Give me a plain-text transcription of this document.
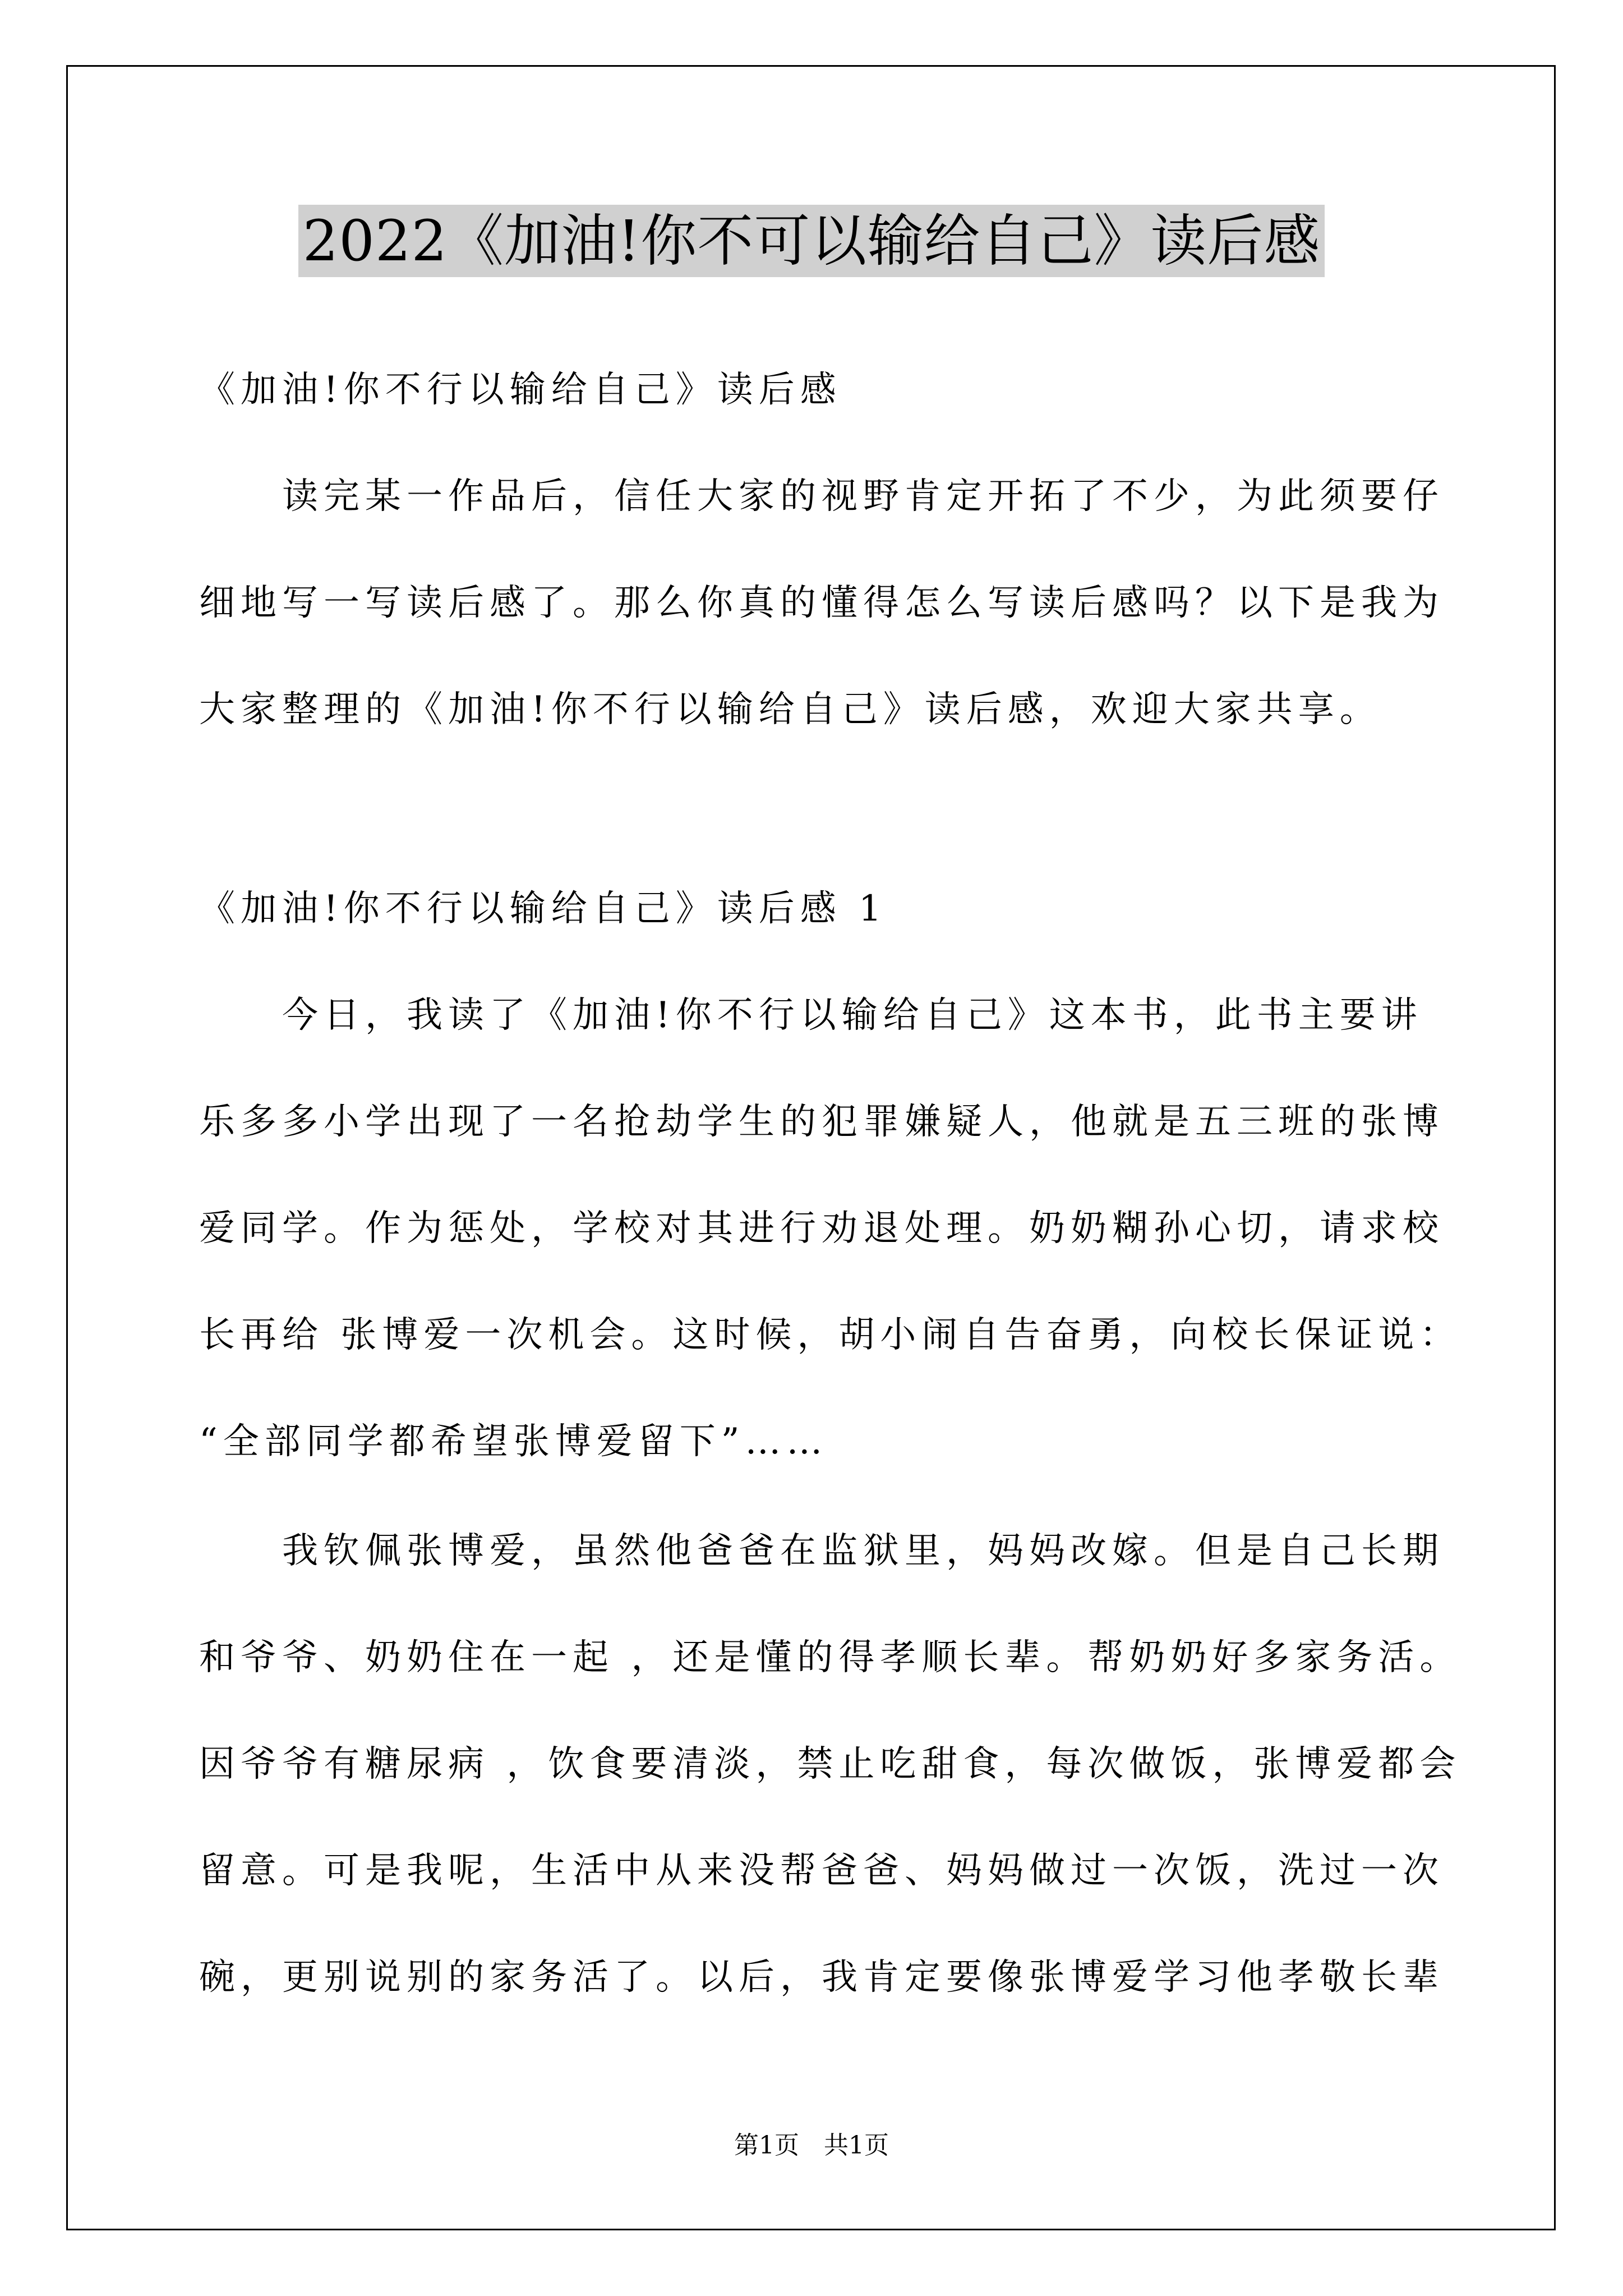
2022《加油!你不可以输给自己》读后感
《加油!你不行以输给自己》读后感
　　读完某一作品后，信任大家的视野肯定开拓了不少，为此须要仔
细地写一写读后感了。那么你真的懂得怎么写读后感吗？以下是我为
大家整理的《加油!你不行以输给自己》读后感，欢迎大家共享。
《加油!你不行以输给自己》读后感 1
　　今日，我读了《加油!你不行以输给自己》这本书，此书主要讲
乐多多小学出现了一名抢劫学生的犯罪嫌疑人，他就是五三班的张博
爱同学。作为惩处，学校对其进行劝退处理。奶奶糊孙心切，请求校
长再给 张博爱一次机会。这时候，胡小闹自告奋勇，向校长保证说：
“全部同学都希望张博爱留下”……
　　我钦佩张博爱，虽然他爸爸在监狱里，妈妈改嫁。但是自己长期
和爷爷、奶奶住在一起 ，还是懂的得孝顺长辈。帮奶奶好多家务活。
因爷爷有糖尿病 ，饮食要清淡，禁止吃甜食，每次做饭，张博爱都会
留意。可是我呢，生活中从来没帮爸爸、妈妈做过一次饭，洗过一次
碗，更别说别的家务活了。以后，我肯定要像张博爱学习他孝敬长辈
第1页　共1页
